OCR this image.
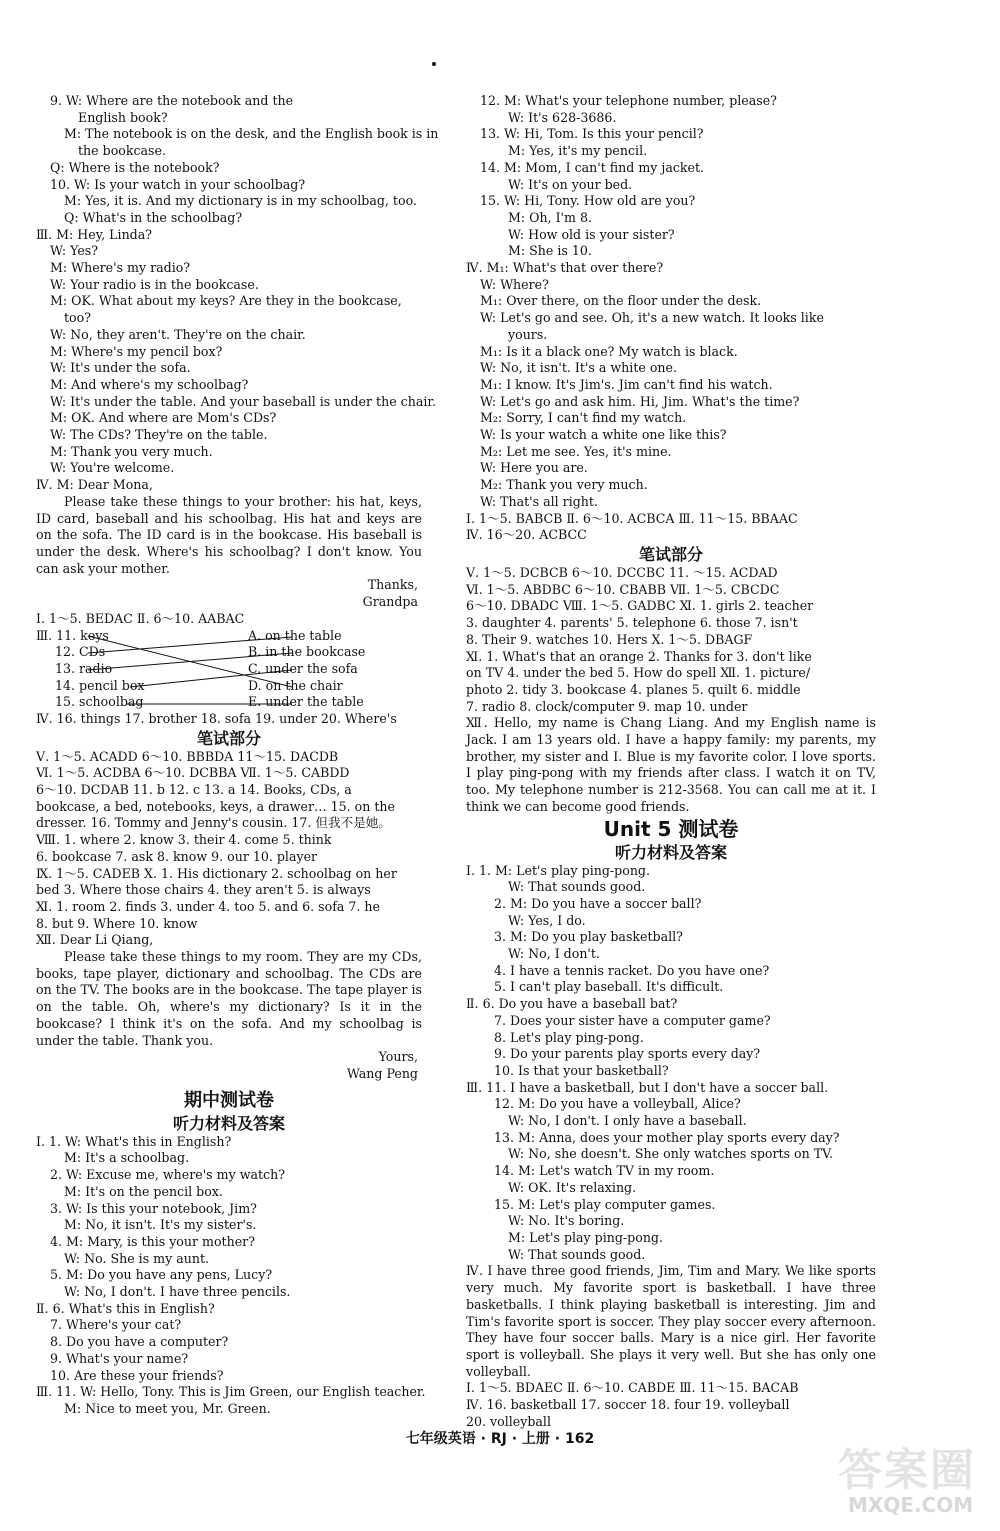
9. W: Where are the notebook and the
English book?
M: The notebook is on the desk, and the English book is in
the bookcase.
Q: Where is the notebook?
10. W: Is your watch in your schoolbag?
M: Yes, it is. And my dictionary is in my schoolbag, too.
Q: What's in the schoolbag?
Ⅲ. M: Hey, Linda?
W: Yes?
M: Where's my radio?
W: Your radio is in the bookcase.
M: OK. What about my keys? Are they in the bookcase,
too?
W: No, they aren't. They're on the chair.
M: Where's my pencil box?
W: It's under the sofa.
M: And where's my schoolbag?
W: It's under the table. And your baseball is under the chair.
M: OK. And where are Mom's CDs?
W: The CDs? They're on the table.
M: Thank you very much.
W: You're welcome.
Ⅳ. M: Dear Mona,
Please take these things to your brother: his hat, keys, ID card, baseball and his schoolbag. His hat and keys are on the sofa. The ID card is in the bookcase. His baseball is under the desk. Where's his schoolbag? I don't know. You can ask your mother.
Thanks,
Grandpa
Ⅰ. 1～5. BEDAC Ⅱ. 6～10. AABAC
Ⅲ. 11. keys	A. on the table
12. CDs	B. in the bookcase
13. radio	C. under the sofa
14. pencil box	D. on the chair
15. schoolbag	E. under the table
Ⅳ. 16. things 17. brother 18. sofa 19. under 20. Where's
笔试部分
Ⅴ. 1～5. ACADD 6～10. BBBDA 11～15. DACDB
Ⅵ. 1～5. ACDBA 6～10. DCBBA Ⅶ. 1～5. CABDD
6～10. DCDAB 11. b 12. c 13. a 14. Books, CDs, a
bookcase, a bed, notebooks, keys, a drawer… 15. on the
dresser. 16. Tommy and Jenny's cousin. 17. 但我不是她。
Ⅷ. 1. where 2. know 3. their 4. come 5. think
6. bookcase 7. ask 8. know 9. our 10. player
Ⅸ. 1～5. CADEB Ⅹ. 1. His dictionary 2. schoolbag on her
bed 3. Where those chairs 4. they aren't 5. is always
Ⅺ. 1. room 2. finds 3. under 4. too 5. and 6. sofa 7. he
8. but 9. Where 10. know
Ⅻ. Dear Li Qiang,
Please take these things to my room. They are my CDs, books, tape player, dictionary and schoolbag. The CDs are on the TV. The books are in the bookcase. The tape player is on the table. Oh, where's my dictionary? Is it in the bookcase? I think it's on the sofa. And my schoolbag is under the table. Thank you.
Yours,
Wang Peng
期中测试卷
听力材料及答案
Ⅰ. 1. W: What's this in English?
M: It's a schoolbag.
2. W: Excuse me, where's my watch?
M: It's on the pencil box.
3. W: Is this your notebook, Jim?
M: No, it isn't. It's my sister's.
4. M: Mary, is this your mother?
W: No. She is my aunt.
5. M: Do you have any pens, Lucy?
W: No, I don't. I have three pencils.
Ⅱ. 6. What's this in English?
7. Where's your cat?
8. Do you have a computer?
9. What's your name?
10. Are these your friends?
Ⅲ. 11. W: Hello, Tony. This is Jim Green, our English teacher.
M: Nice to meet you, Mr. Green.
12. M: What's your telephone number, please?
W: It's 628-3686.
13. W: Hi, Tom. Is this your pencil?
M: Yes, it's my pencil.
14. M: Mom, I can't find my jacket.
W: It's on your bed.
15. W: Hi, Tony. How old are you?
M: Oh, I'm 8.
W: How old is your sister?
M: She is 10.
Ⅳ. M₁: What's that over there?
W: Where?
M₁: Over there, on the floor under the desk.
W: Let's go and see. Oh, it's a new watch. It looks like
yours.
M₁: Is it a black one? My watch is black.
W: No, it isn't. It's a white one.
M₁: I know. It's Jim's. Jim can't find his watch.
W: Let's go and ask him. Hi, Jim. What's the time?
M₂: Sorry, I can't find my watch.
W: Is your watch a white one like this?
M₂: Let me see. Yes, it's mine.
W: Here you are.
M₂: Thank you very much.
W: That's all right.
Ⅰ. 1～5. BABCB Ⅱ. 6～10. ACBCA Ⅲ. 11～15. BBAAC
Ⅳ. 16～20. ACBCC
笔试部分
Ⅴ. 1～5. DCBCB 6～10. DCCBC 11. ～15. ACDAD
Ⅵ. 1～5. ABDBC 6～10. CBABB Ⅶ. 1～5. CBCDC
6～10. DBADC Ⅷ. 1～5. GADBC Ⅺ. 1. girls 2. teacher
3. daughter 4. parents' 5. telephone 6. those 7. isn't
8. Their 9. watches 10. Hers Ⅹ. 1～5. DBAGF
Ⅺ. 1. What's that an orange 2. Thanks for 3. don't like
on TV 4. under the bed 5. How do spell Ⅻ. 1. picture/
photo 2. tidy 3. bookcase 4. planes 5. quilt 6. middle
7. radio 8. clock/computer 9. map 10. under
Ⅻ. Hello, my name is Chang Liang. And my English name is Jack. I am 13 years old. I have a happy family: my parents, my brother, my sister and I. Blue is my favorite color. I love sports. I play ping-pong with my friends after class. I watch it on TV, too. My telephone number is 212-3568. You can call me at it. I think we can become good friends.
Unit 5 测试卷
听力材料及答案
Ⅰ. 1. M: Let's play ping-pong.
W: That sounds good.
2. M: Do you have a soccer ball?
W: Yes, I do.
3. M: Do you play basketball?
W: No, I don't.
4. I have a tennis racket. Do you have one?
5. I can't play baseball. It's difficult.
Ⅱ. 6. Do you have a baseball bat?
7. Does your sister have a computer game?
8. Let's play ping-pong.
9. Do your parents play sports every day?
10. Is that your basketball?
Ⅲ. 11. I have a basketball, but I don't have a soccer ball.
12. M: Do you have a volleyball, Alice?
W: No, I don't. I only have a baseball.
13. M: Anna, does your mother play sports every day?
W: No, she doesn't. She only watches sports on TV.
14. M: Let's watch TV in my room.
W: OK. It's relaxing.
15. M: Let's play computer games.
W: No. It's boring.
M: Let's play ping-pong.
W: That sounds good.
Ⅳ. I have three good friends, Jim, Tim and Mary. We like sports very much. My favorite sport is basketball. I have three basketballs. I think playing basketball is interesting. Jim and Tim's favorite sport is soccer. They play soccer every afternoon. They have four soccer balls. Mary is a nice girl. Her favorite sport is volleyball. She plays it very well. But she has only one volleyball.
Ⅰ. 1～5. BDAEC Ⅱ. 6～10. CABDE Ⅲ. 11～15. BACAB
Ⅳ. 16. basketball 17. soccer 18. four 19. volleyball
20. volleyball
七年级英语 · RJ · 上册 · 162
答案圈
MXQE.COM
